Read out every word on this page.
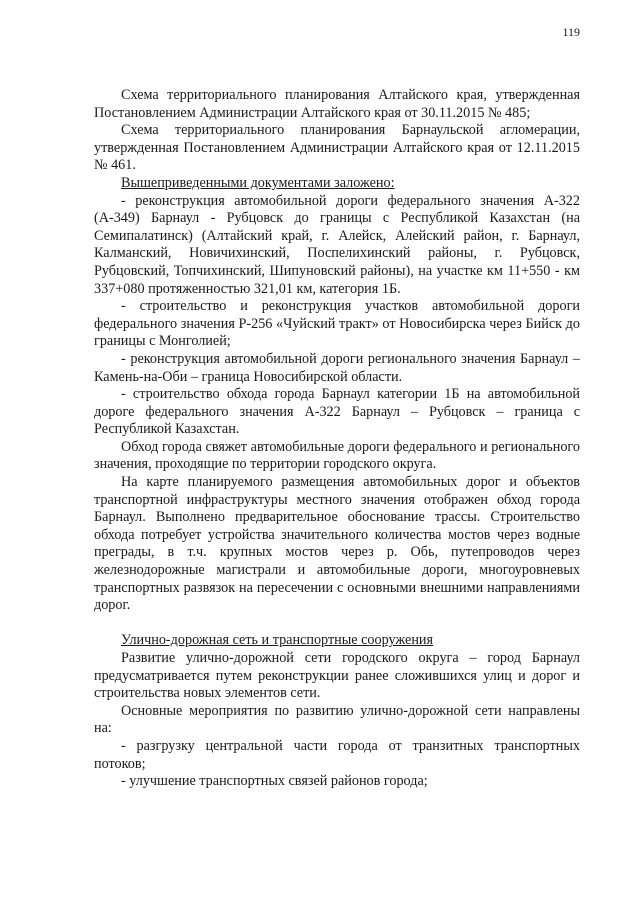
119

Схема территориального планирования Алтайского края, утвержденная Постановлением Администрации Алтайского края от 30.11.2015 № 485;

Схема территориального планирования Барнаульской агломерации, утвержденная Постановлением Администрации Алтайского края от 12.11.2015 № 461.

Вышеприведенными документами заложено:

- реконструкция автомобильной дороги федерального значения А-322 (А-349) Барнаул - Рубцовск до границы с Республикой Казахстан (на Семипалатинск) (Алтайский край, г. Алейск, Алейский район, г. Барнаул, Калманский, Новичихинский, Поспелихинский районы, г. Рубцовск, Рубцовский, Топчихинский, Шипуновский районы), на участке км 11+550 - км 337+080 протяженностью 321,01 км, категория 1Б.

- строительство и реконструкция участков автомобильной дороги федерального значения Р-256 «Чуйский тракт» от Новосибирска через Бийск до границы с Монголией;

- реконструкция автомобильной дороги регионального значения Барнаул – Камень-на-Оби – граница Новосибирской области.

- строительство обхода города Барнаул категории 1Б на автомобильной дороге федерального значения А-322 Барнаул – Рубцовск – граница с Республикой Казахстан.

Обход города свяжет автомобильные дороги федерального и регионального значения, проходящие по территории городского округа.

На карте планируемого размещения автомобильных дорог и объектов транспортной инфраструктуры местного значения отображен обход города Барнаул. Выполнено предварительное обоснование трассы. Строительство обхода потребует устройства значительного количества мостов через водные преграды, в т.ч. крупных мостов через р. Обь, путепроводов через железнодорожные магистрали и автомобильные дороги, многоуровневых транспортных развязок на пересечении с основными внешними направлениями дорог.

Улично-дорожная сеть и транспортные сооружения

Развитие улично-дорожной сети городского округа – город Барнаул предусматривается путем реконструкции ранее сложившихся улиц и дорог и строительства новых элементов сети.

Основные мероприятия по развитию улично-дорожной сети направлены на:

- разгрузку центральной части города от транзитных транспортных потоков;

- улучшение транспортных связей районов города;
